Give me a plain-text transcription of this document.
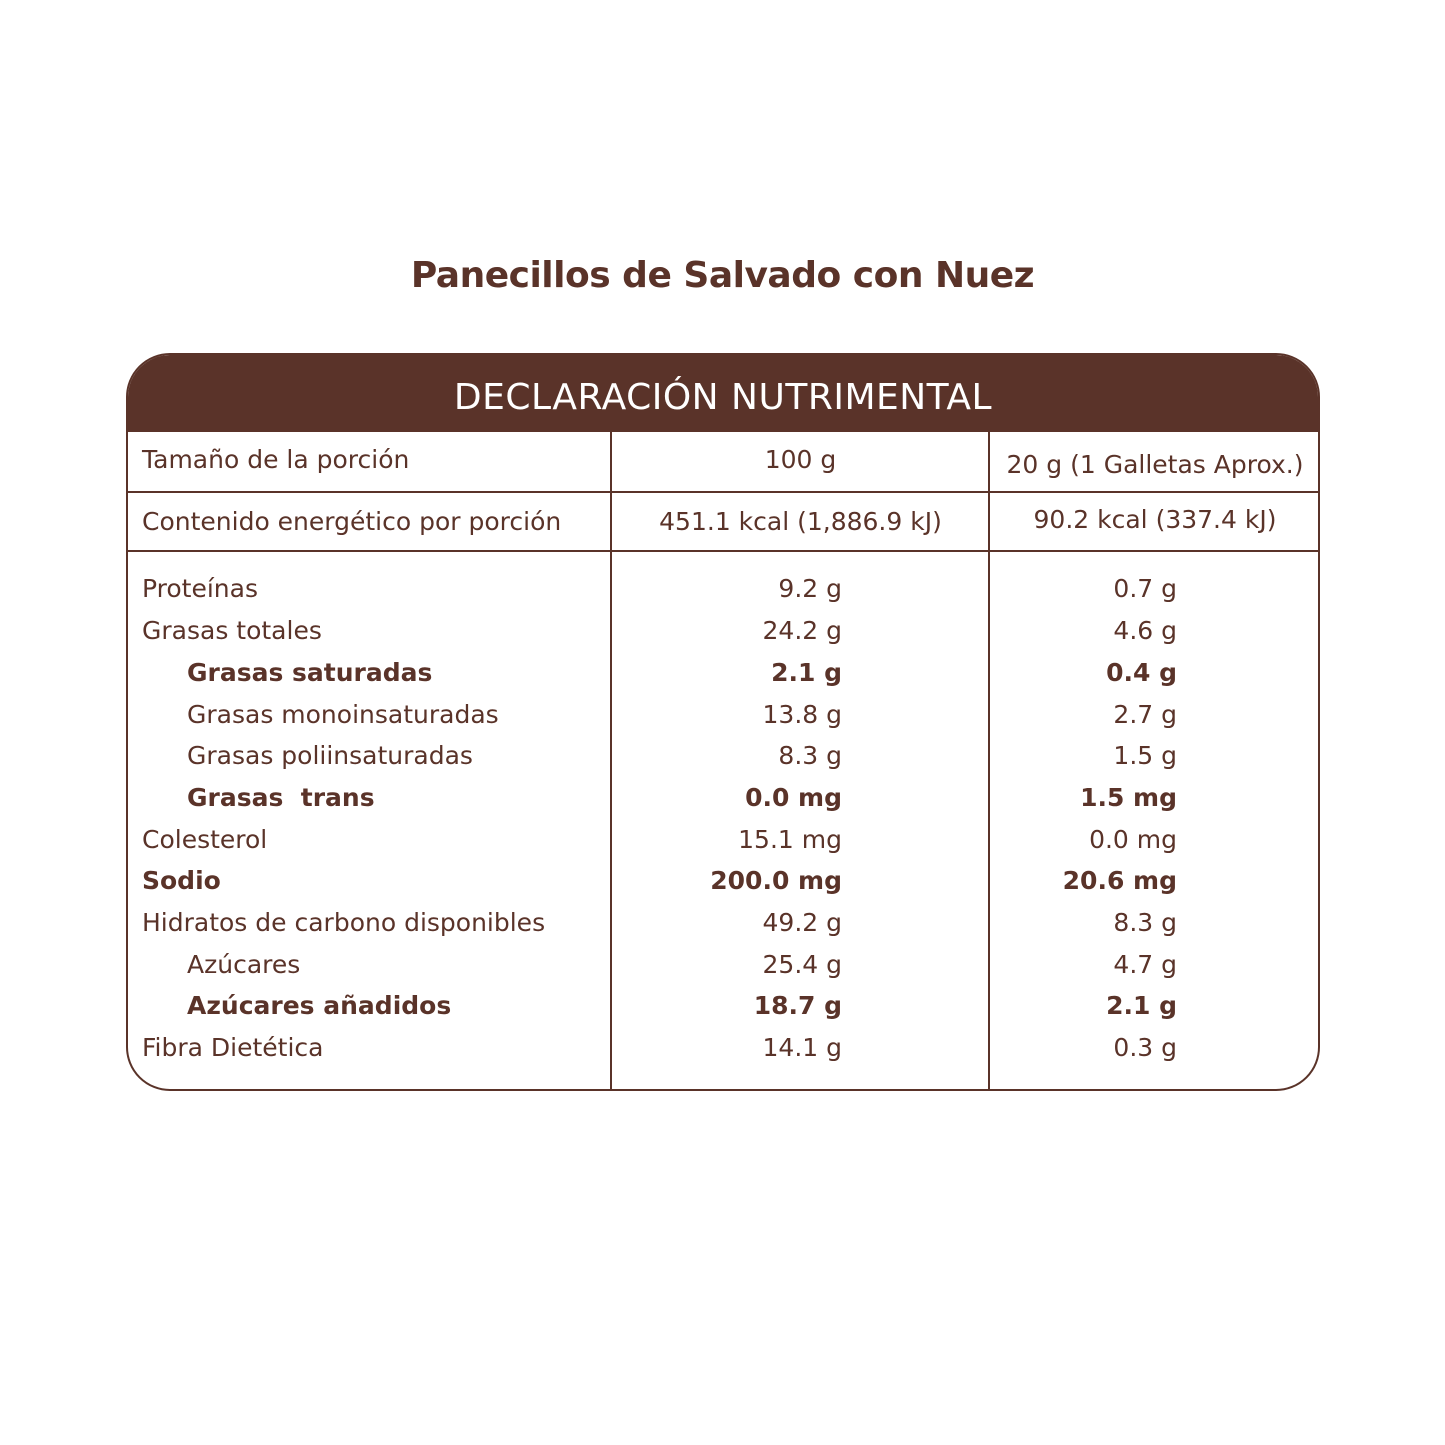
Panecillos de Salvado con Nuez
DECLARACIÓN NUTRIMENTAL
Tamaño de la porción	100 g	20 g (1 Galletas Aprox.)
Contenido energético por porción	451.1 kcal (1,886.9 kJ)	90.2 kcal (337.4 kJ)
Proteínas	9.2 g	0.7 g
Grasas totales	24.2 g	4.6 g
Grasas saturadas	2.1 g	0.4 g
Grasas monoinsaturadas	13.8 g	2.7 g
Grasas poliinsaturadas	8.3 g	1.5 g
Grasas  trans	0.0 mg	1.5 mg
Colesterol	15.1 mg	0.0 mg
Sodio	200.0 mg	20.6 mg
Hidratos de carbono disponibles	49.2 g	8.3 g
Azúcares	25.4 g	4.7 g
Azúcares añadidos	18.7 g	2.1 g
Fibra Dietética	14.1 g	0.3 g
